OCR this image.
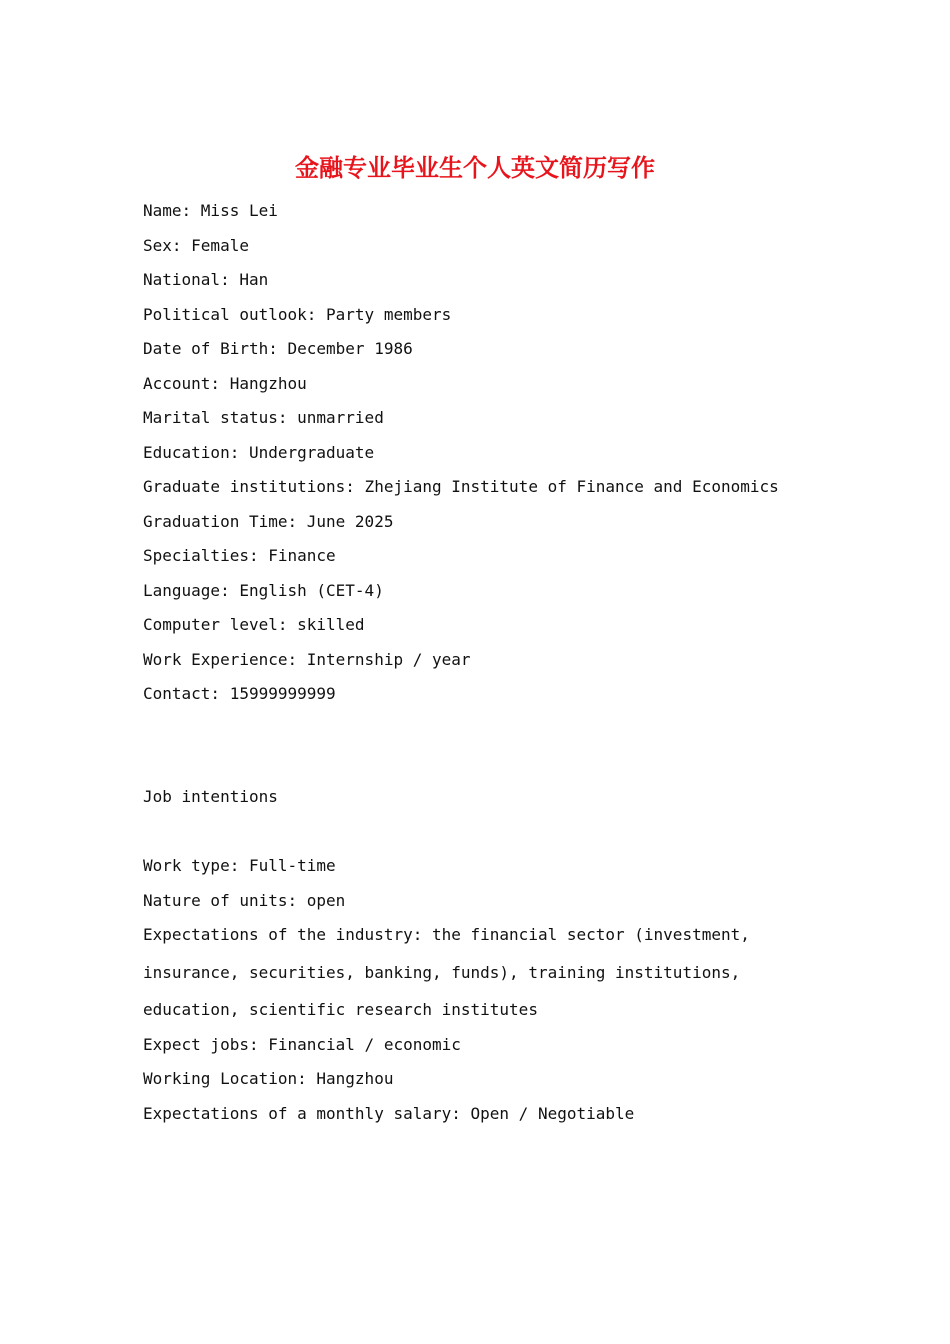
金融专业毕业生个人英文简历写作
Name: Miss Lei
Sex: Female
National: Han
Political outlook: Party members
Date of Birth: December 1986
Account: Hangzhou
Marital status: unmarried
Education: Undergraduate
Graduate institutions: Zhejiang Institute of Finance and Economics
Graduation Time: June 2025
Specialties: Finance
Language: English (CET-4)
Computer level: skilled
Work Experience: Internship / year
Contact: 15999999999
Job intentions
Work type: Full-time
Nature of units: open
Expectations of the industry: the financial sector (investment,
insurance, securities, banking, funds), training institutions,
education, scientific research institutes
Expect jobs: Financial / economic
Working Location: Hangzhou
Expectations of a monthly salary: Open / Negotiable
